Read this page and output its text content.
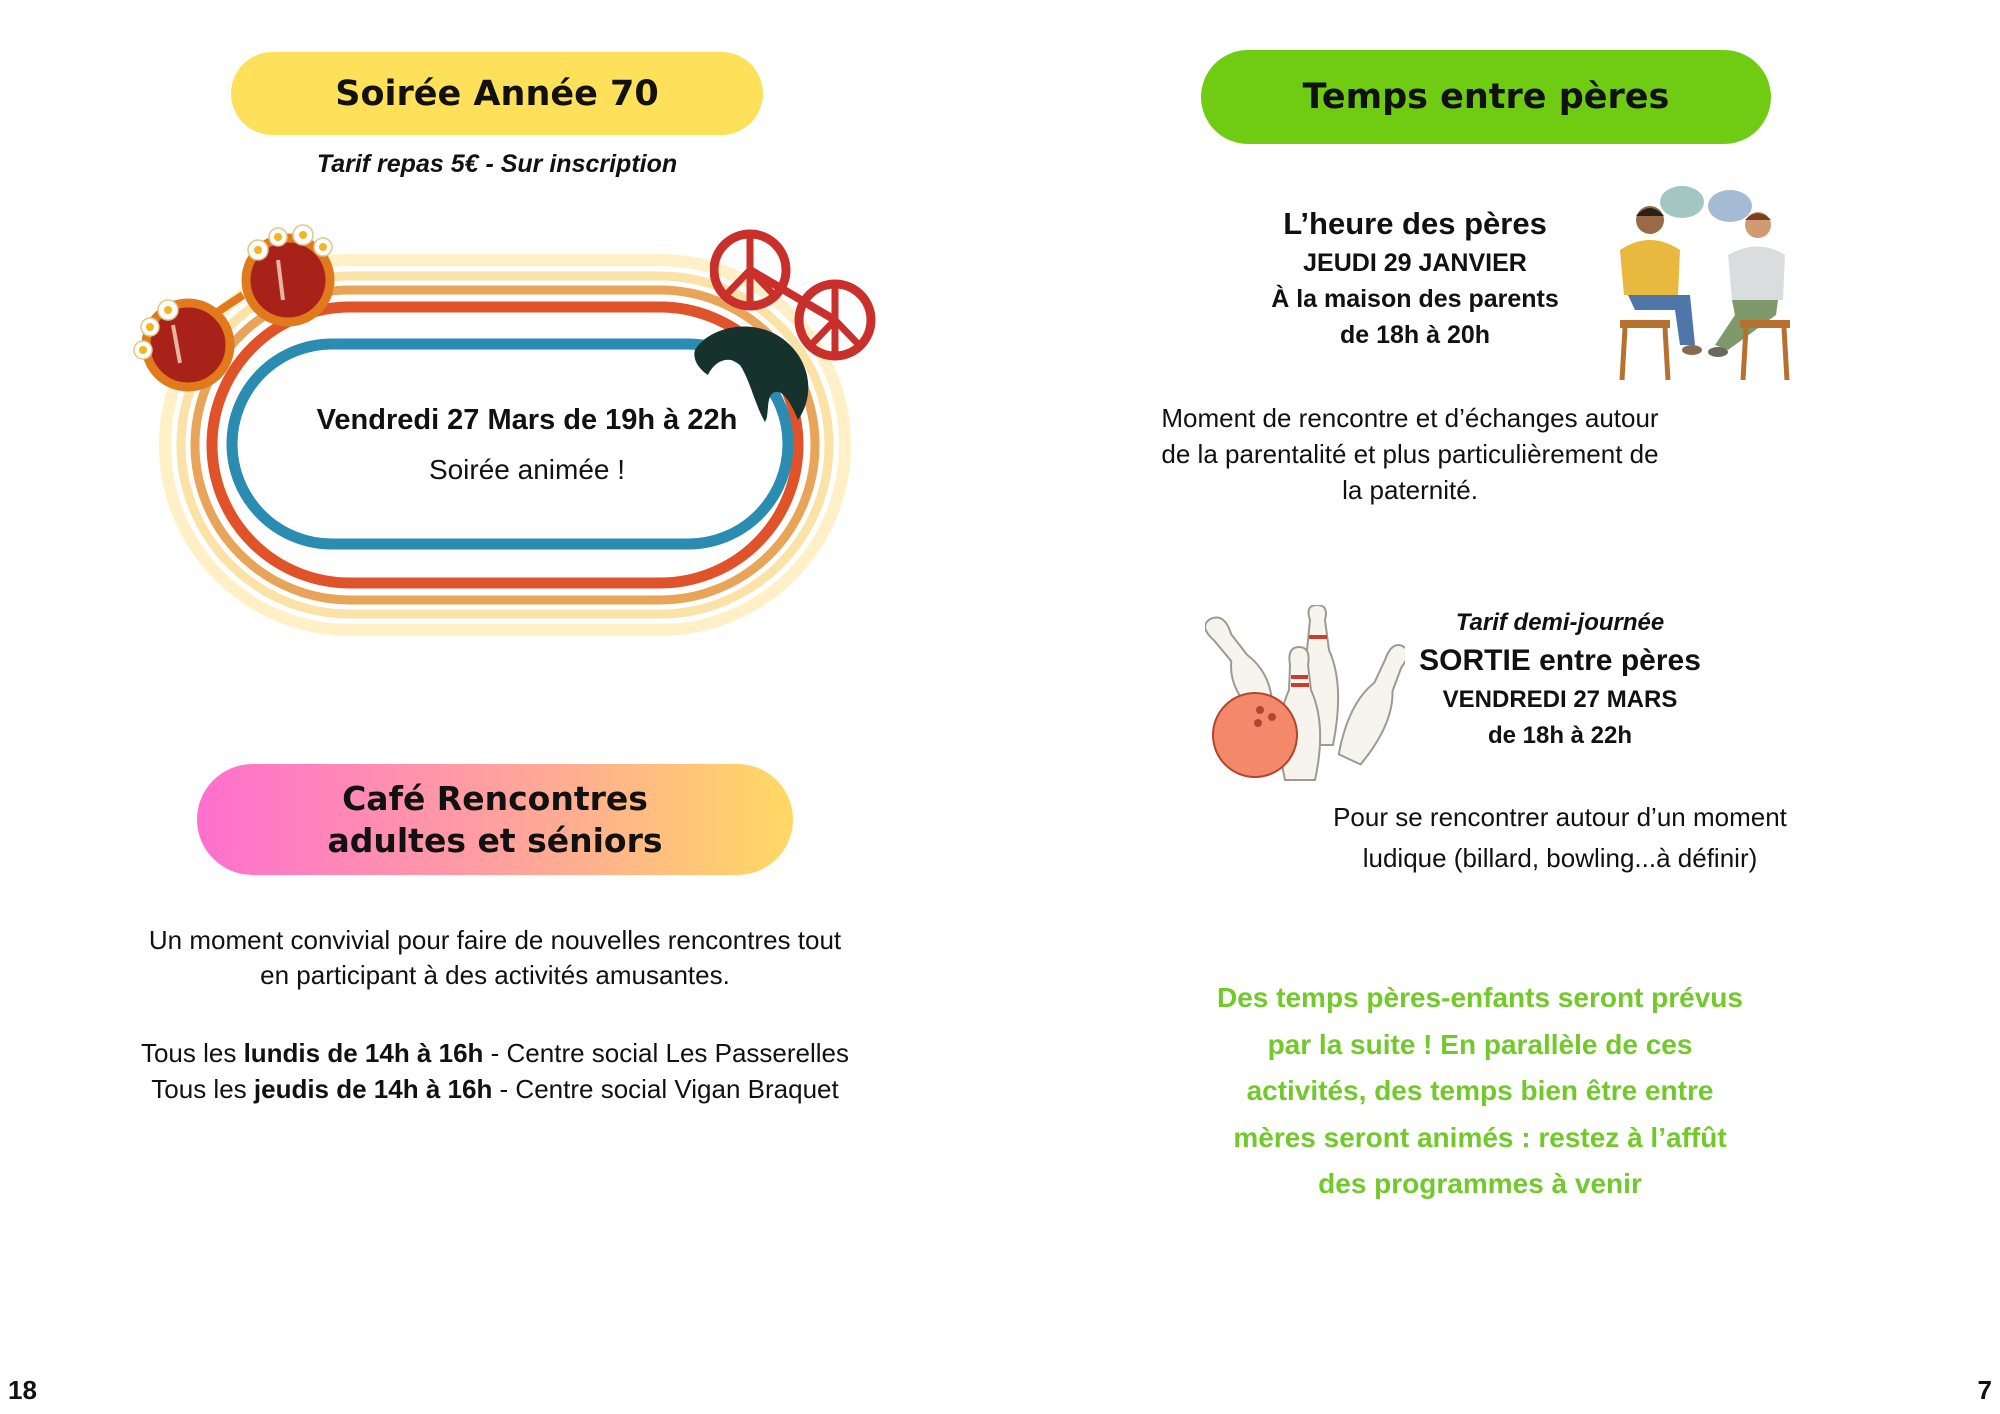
Soirée Année 70
Tarif repas 5€ - Sur inscription
Vendredi 27 Mars de 19h à 22h
Soirée animée !
Café Rencontres
adultes et séniors
Un moment convivial pour faire de nouvelles rencontres tout
en participant à des activités amusantes.
Tous les lundis de 14h à 16h - Centre social Les Passerelles
Tous les jeudis de 14h à 16h - Centre social Vigan Braquet
18
Temps entre pères
L’heure des pères
JEUDI 29 JANVIER
À la maison des parents
de 18h à 20h
Moment de rencontre et d’échanges autour
de la parentalité et plus particulièrement de
la paternité.
Tarif demi-journée
SORTIE entre pères
VENDREDI 27 MARS
de 18h à 22h
Pour se rencontrer autour d’un moment
ludique (billard, bowling...à définir)
Des temps pères-enfants seront prévus
par la suite ! En parallèle de ces
activités, des temps bien être entre
mères seront animés : restez à l’affût
des programmes à venir
7
